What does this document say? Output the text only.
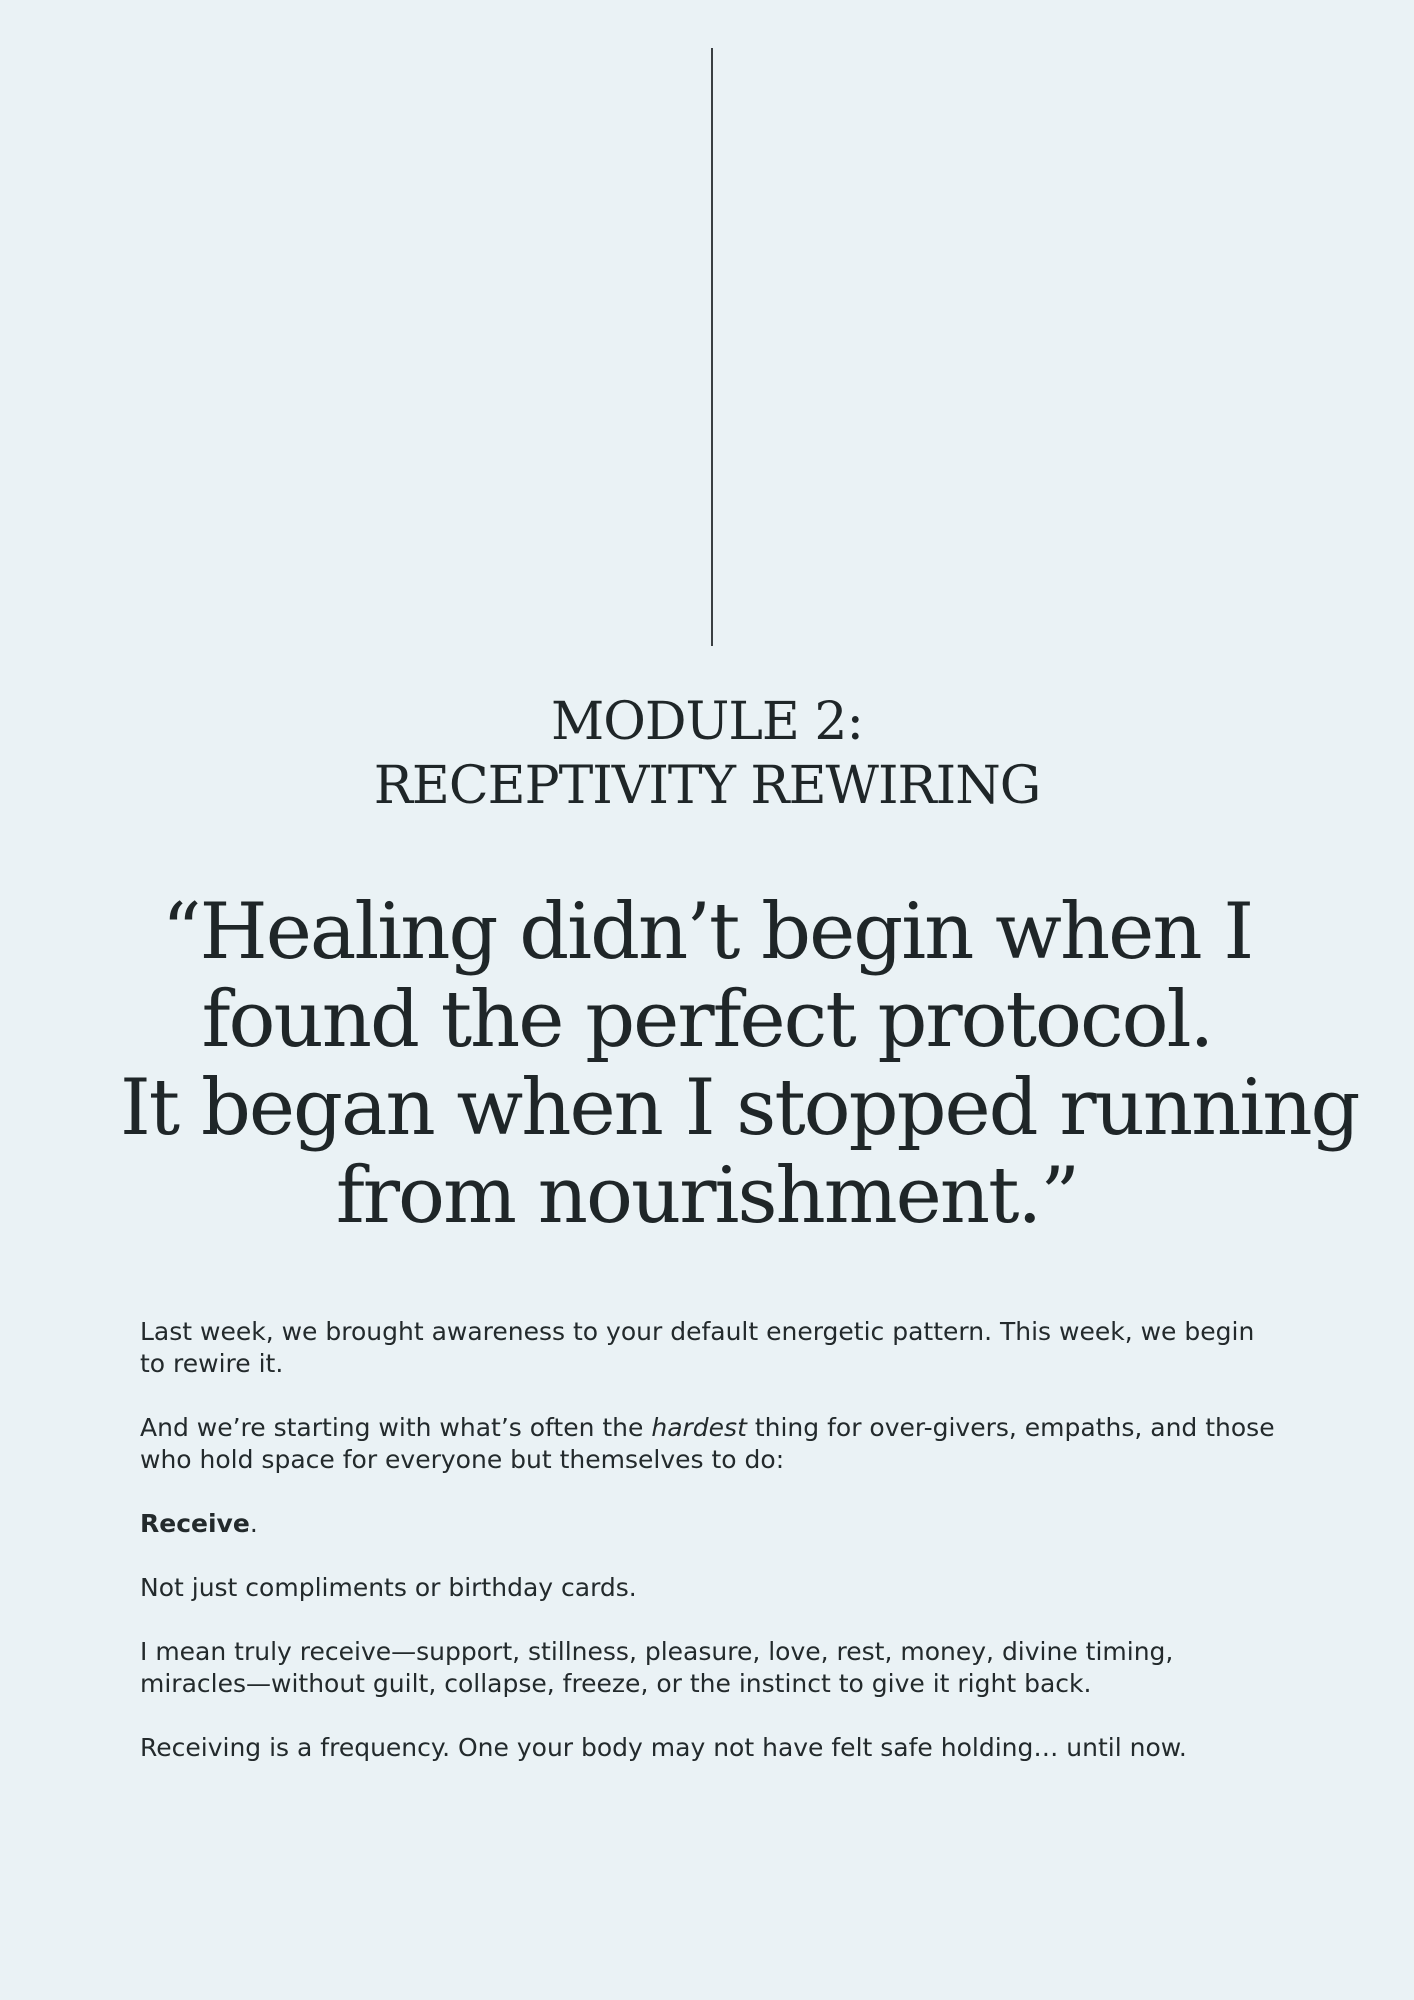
MODULE 2:
RECEPTIVITY REWIRING
“Healing didn’t begin when I
found the perfect protocol.
It began when I stopped running
from nourishment.”

Last week, we brought awareness to your default energetic pattern. This week, we begin to rewire it.

And we’re starting with what’s often the hardest thing for over-givers, empaths, and those who hold space for everyone but themselves to do:

Receive.

Not just compliments or birthday cards.

I mean truly receive—support, stillness, pleasure, love, rest, money, divine timing, miracles—without guilt, collapse, freeze, or the instinct to give it right back.

Receiving is a frequency. One your body may not have felt safe holding… until now.
